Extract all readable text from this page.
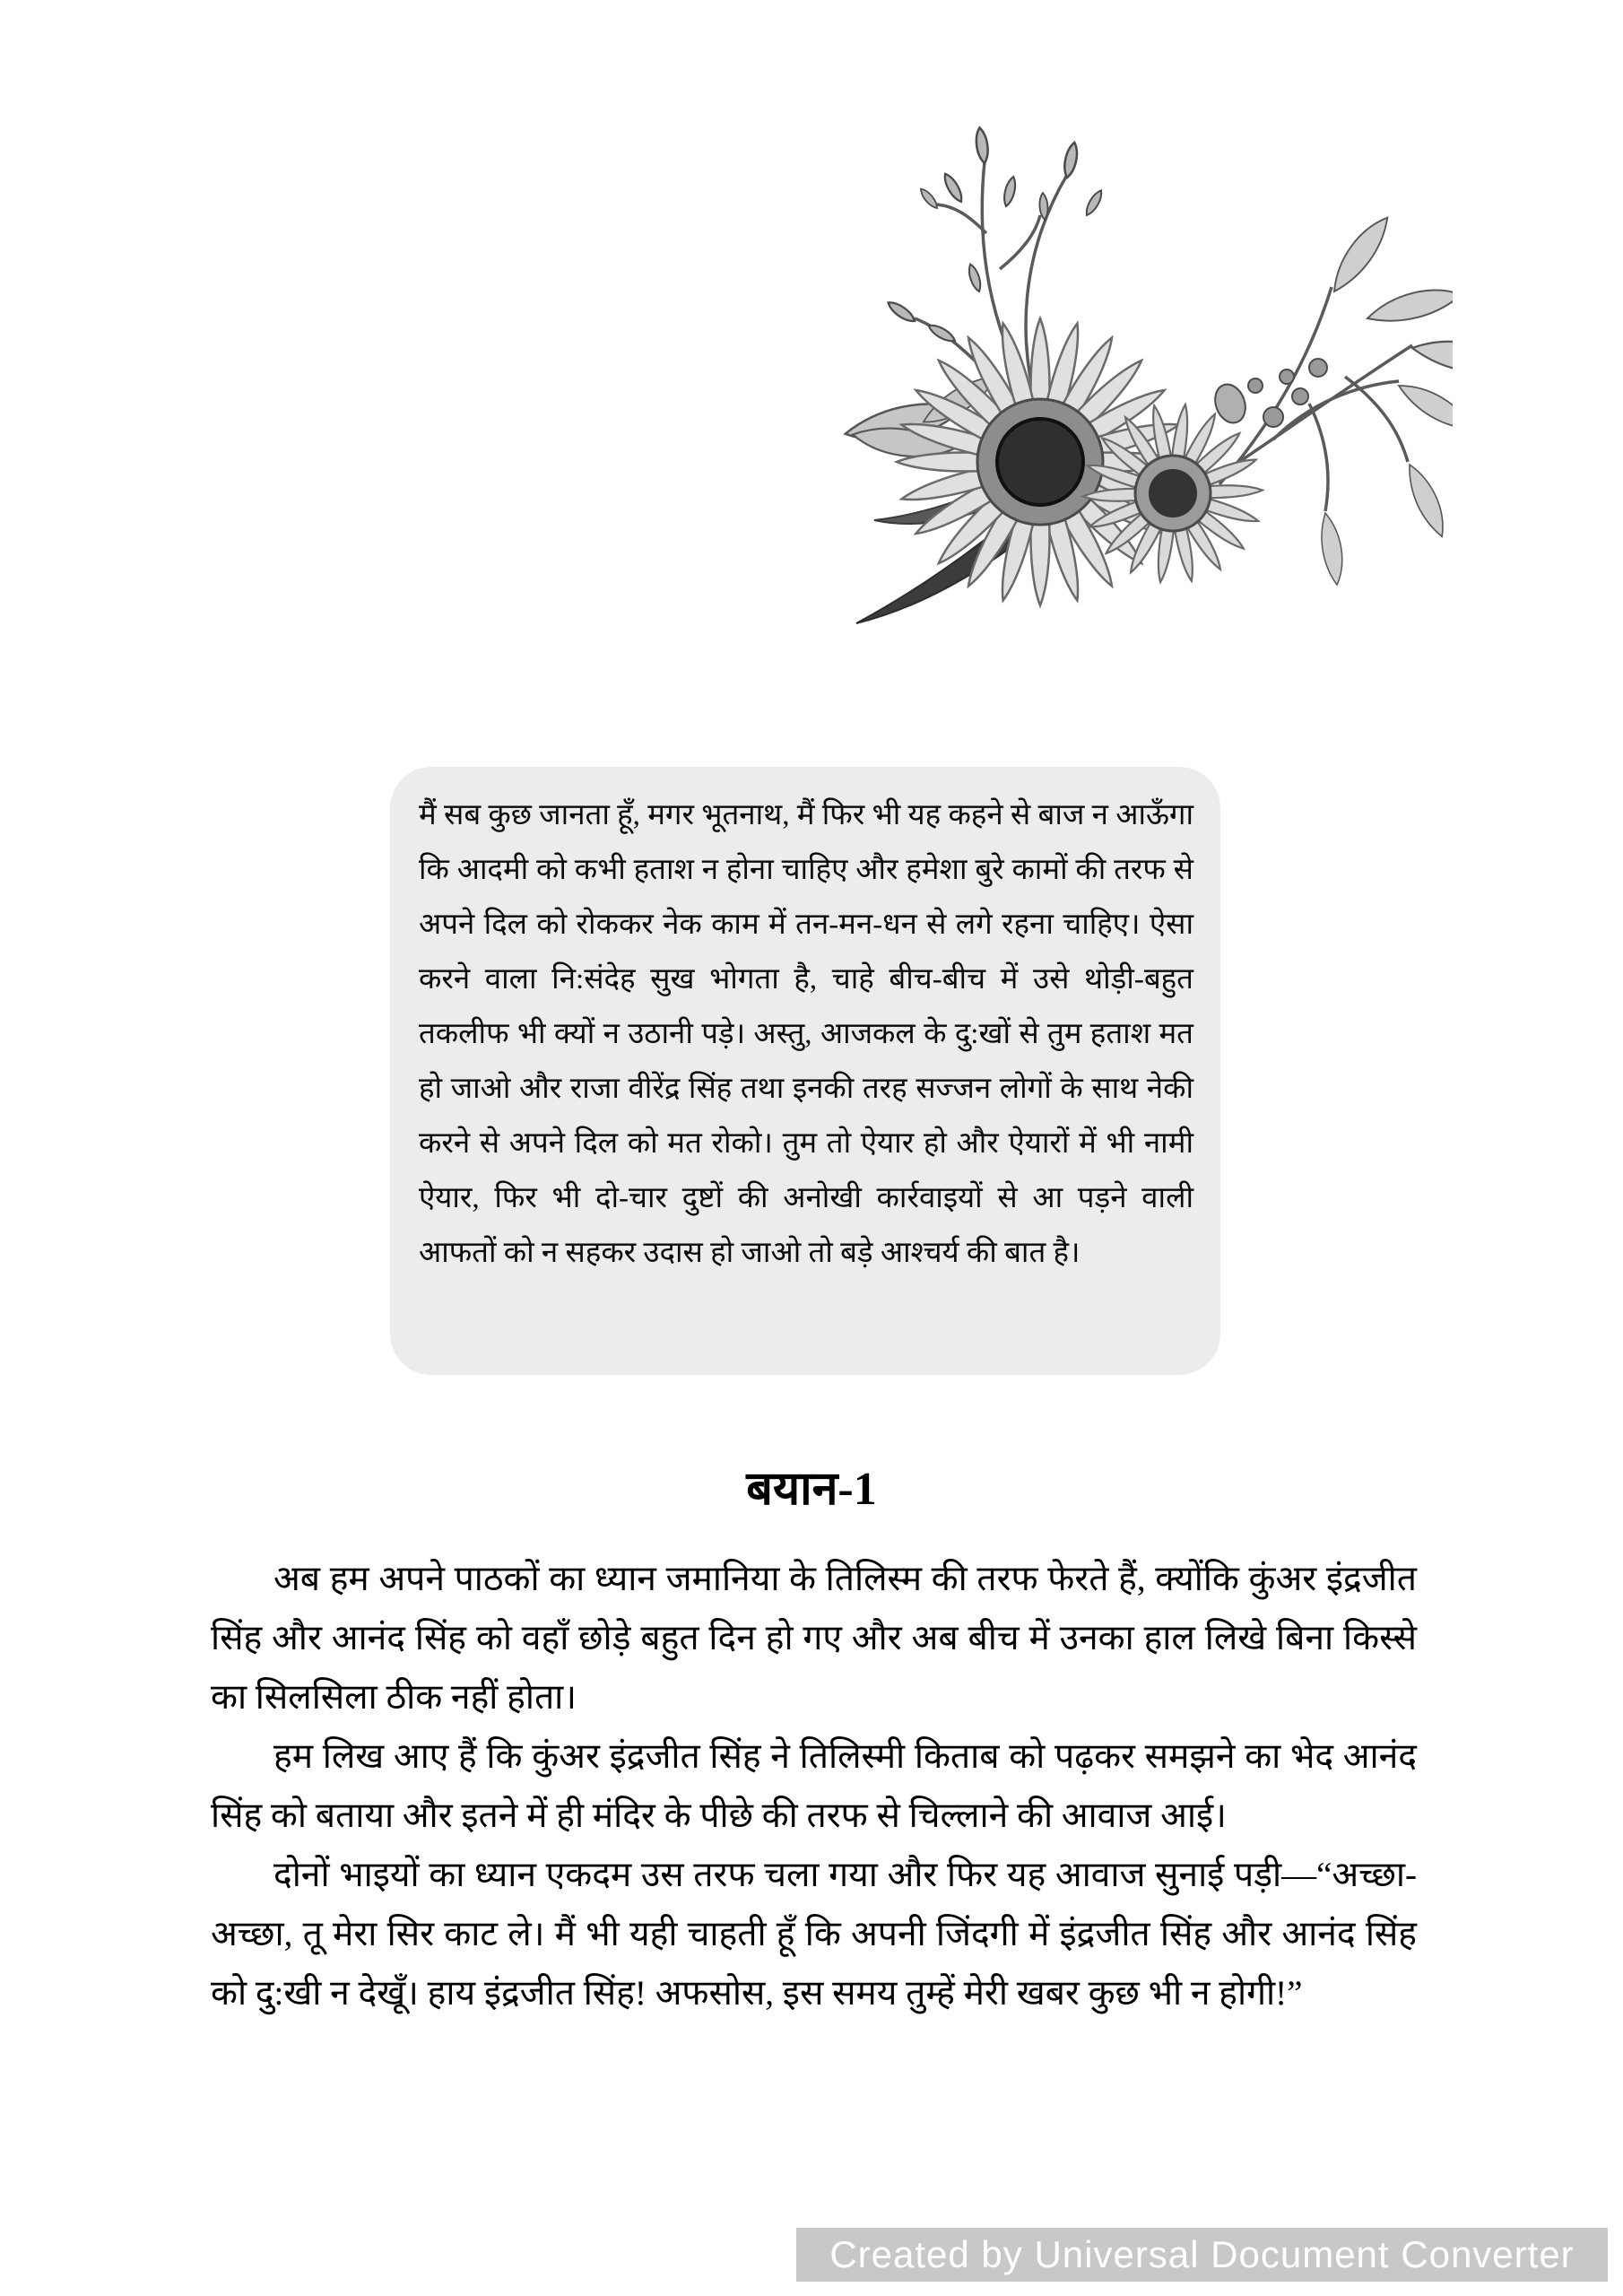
मैं सब कुछ जानता हूँ, मगर भूतनाथ, मैं फिर भी यह कहने से बाज न आऊँगा कि आदमी को कभी हताश न होना चाहिए और हमेशा बुरे कामों की तरफ से अपने दिल को रोककर नेक काम में तन-मन-धन से लगे रहना चाहिए। ऐसा करने वाला नि:संदेह सुख भोगता है, चाहे बीच-बीच में उसे थोड़ी-बहुत तकलीफ भी क्यों न उठानी पड़े। अस्तु, आजकल के दु:खों से तुम हताश मत हो जाओ और राजा वीरेंद्र सिंह तथा इनकी तरह सज्जन लोगों के साथ नेकी करने से अपने दिल को मत रोको। तुम तो ऐयार हो और ऐयारों में भी नामी ऐयार, फिर भी दो-चार दुष्टों की अनोखी कार्रवाइयों से आ पड़ने वाली आफतों को न सहकर उदास हो जाओ तो बड़े आश्चर्य की बात है।
बयान-1

अब हम अपने पाठकों का ध्यान जमानिया के तिलिस्म की तरफ फेरते हैं, क्योंकि कुंअर इंद्रजीत सिंह और आनंद सिंह को वहाँ छोड़े बहुत दिन हो गए और अब बीच में उनका हाल लिखे बिना किस्से का सिलसिला ठीक नहीं होता।

हम लिख आए हैं कि कुंअर इंद्रजीत सिंह ने तिलिस्मी किताब को पढ़कर समझने का भेद आनंद सिंह को बताया और इतने में ही मंदिर के पीछे की तरफ से चिल्लाने की आवाज आई।

दोनों भाइयों का ध्यान एकदम उस तरफ चला गया और फिर यह आवाज सुनाई पड़ी—“अच्छा-अच्छा, तू मेरा सिर काट ले। मैं भी यही चाहती हूँ कि अपनी जिंदगी में इंद्रजीत सिंह और आनंद सिंह को दु:खी न देखूँ। हाय इंद्रजीत सिंह! अफसोस, इस समय तुम्हें मेरी खबर कुछ भी न होगी!”

Created by Universal Document Converter
